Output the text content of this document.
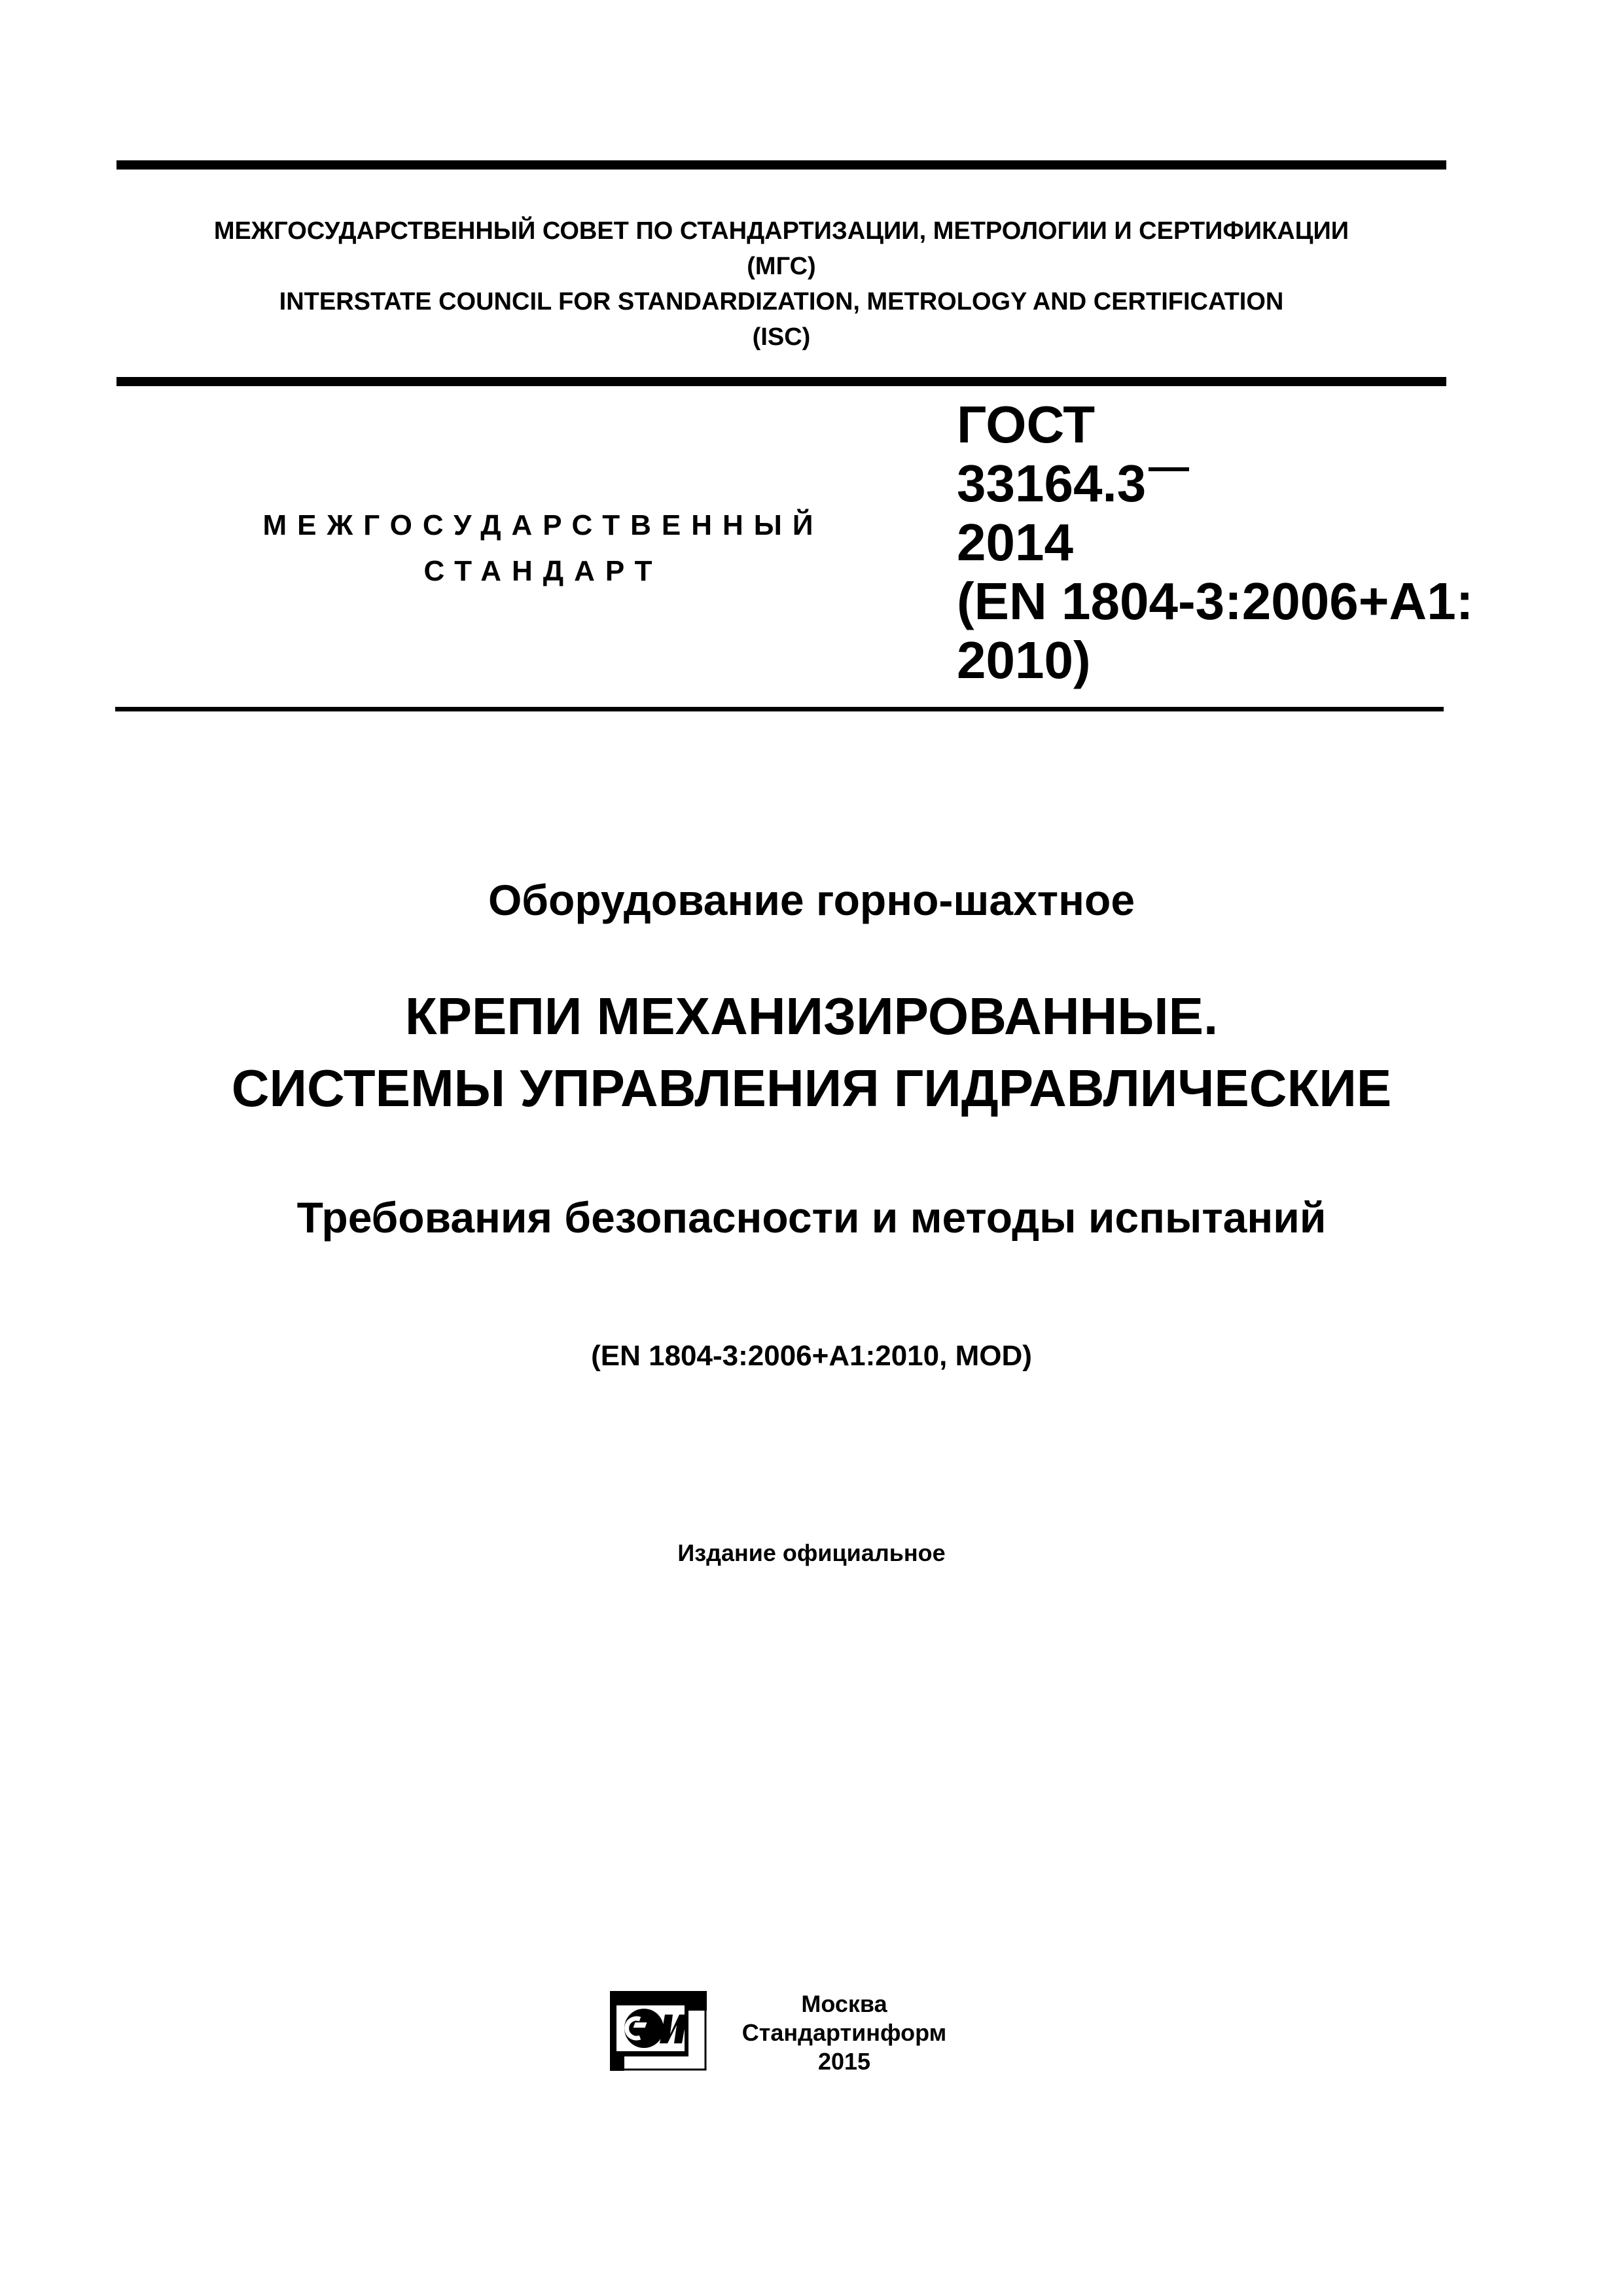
МЕЖГОСУДАРСТВЕННЫЙ СОВЕТ ПО СТАНДАРТИЗАЦИИ, МЕТРОЛОГИИ И СЕРТИФИКАЦИИ
(МГС)
INTERSTATE COUNCIL FOR STANDARDIZATION, METROLOGY AND CERTIFICATION
(ISC)
МЕЖГОСУДАРСТВЕННЫЙ
СТАНДАРТ
ГОСТ
33164.3
2014
(EN 1804-3:2006+A1:
2010)
Оборудование горно-шахтное
КРЕПИ МЕХАНИЗИРОВАННЫЕ.
СИСТЕМЫ УПРАВЛЕНИЯ ГИДРАВЛИЧЕСКИЕ
Требования безопасности и методы испытаний
(EN 1804-3:2006+A1:2010, MOD)
Издание официальное
Москва
Стандартинформ
2015
